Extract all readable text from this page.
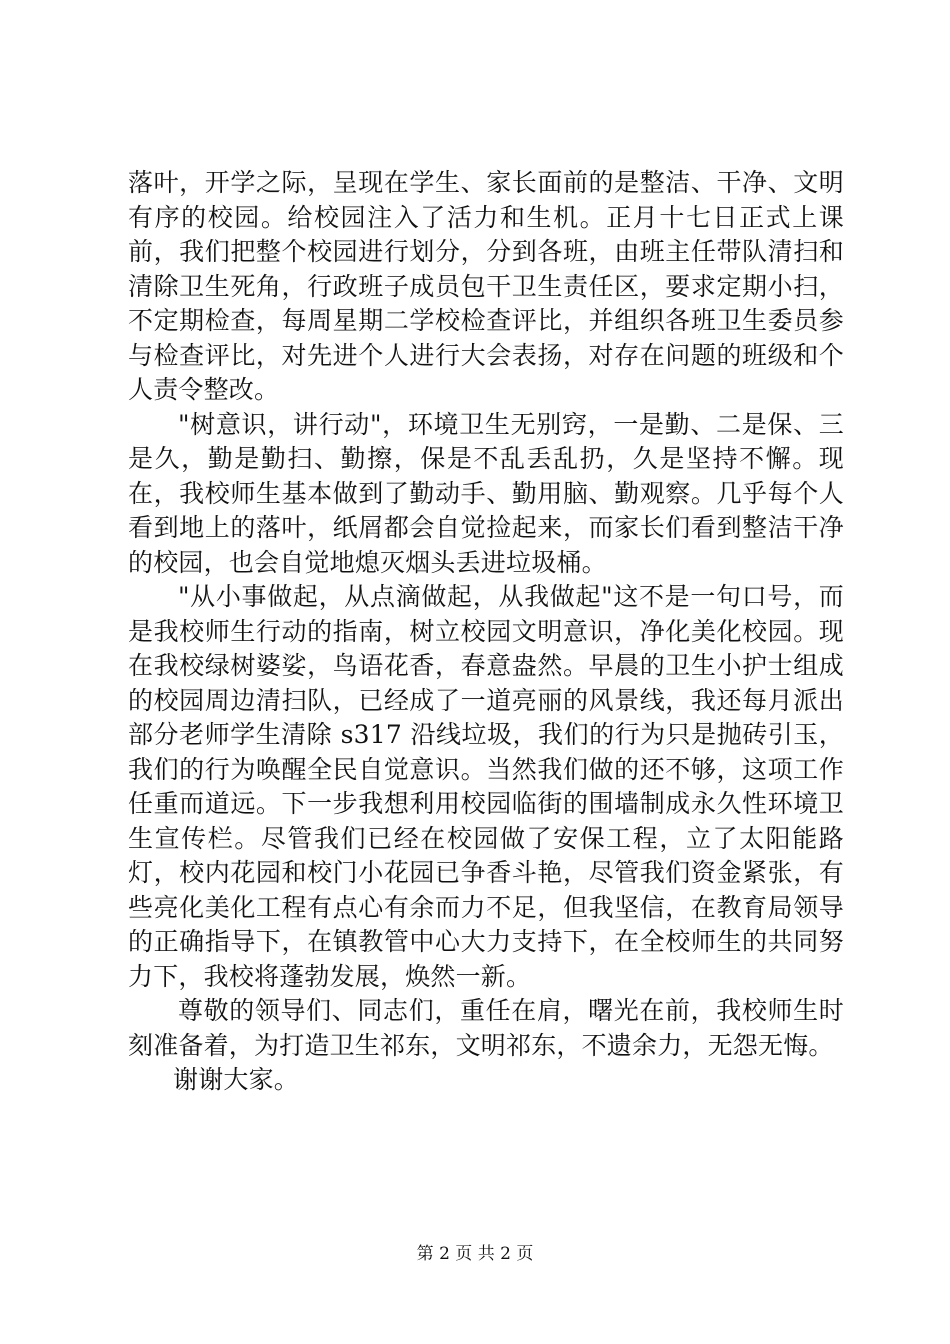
落叶，开学之际，呈现在学生、家长面前的是整洁、干净、文明有序的校园。给校园注入了活力和生机。正月十七日正式上课前，我们把整个校园进行划分，分到各班，由班主任带队清扫和清除卫生死角，行政班子成员包干卫生责任区，要求定期小扫，不定期检查，每周星期二学校检查评比，并组织各班卫生委员参与检查评比，对先进个人进行大会表扬，对存在问题的班级和个人责令整改。

"树意识，讲行动"，环境卫生无别窍，一是勤、二是保、三是久，勤是勤扫、勤擦，保是不乱丢乱扔，久是坚持不懈。现在，我校师生基本做到了勤动手、勤用脑、勤观察。几乎每个人看到地上的落叶，纸屑都会自觉捡起来，而家长们看到整洁干净的校园，也会自觉地熄灭烟头丢进垃圾桶。

"从小事做起，从点滴做起，从我做起"这不是一句口号，而是我校师生行动的指南，树立校园文明意识，净化美化校园。现在我校绿树婆娑，鸟语花香，春意盎然。早晨的卫生小护士组成的校园周边清扫队，已经成了一道亮丽的风景线，我还每月派出部分老师学生清除 s317 沿线垃圾，我们的行为只是抛砖引玉，我们的行为唤醒全民自觉意识。当然我们做的还不够，这项工作任重而道远。下一步我想利用校园临街的围墙制成永久性环境卫生宣传栏。尽管我们已经在校园做了安保工程，立了太阳能路灯，校内花园和校门小花园已争香斗艳，尽管我们资金紧张，有些亮化美化工程有点心有余而力不足，但我坚信，在教育局领导的正确指导下，在镇教管中心大力支持下，在全校师生的共同努力下，我校将蓬勃发展，焕然一新。

尊敬的领导们、同志们，重任在肩，曙光在前，我校师生时刻准备着，为打造卫生祁东，文明祁东，不遗余力，无怨无悔。

谢谢大家。

第 2 页 共 2 页
